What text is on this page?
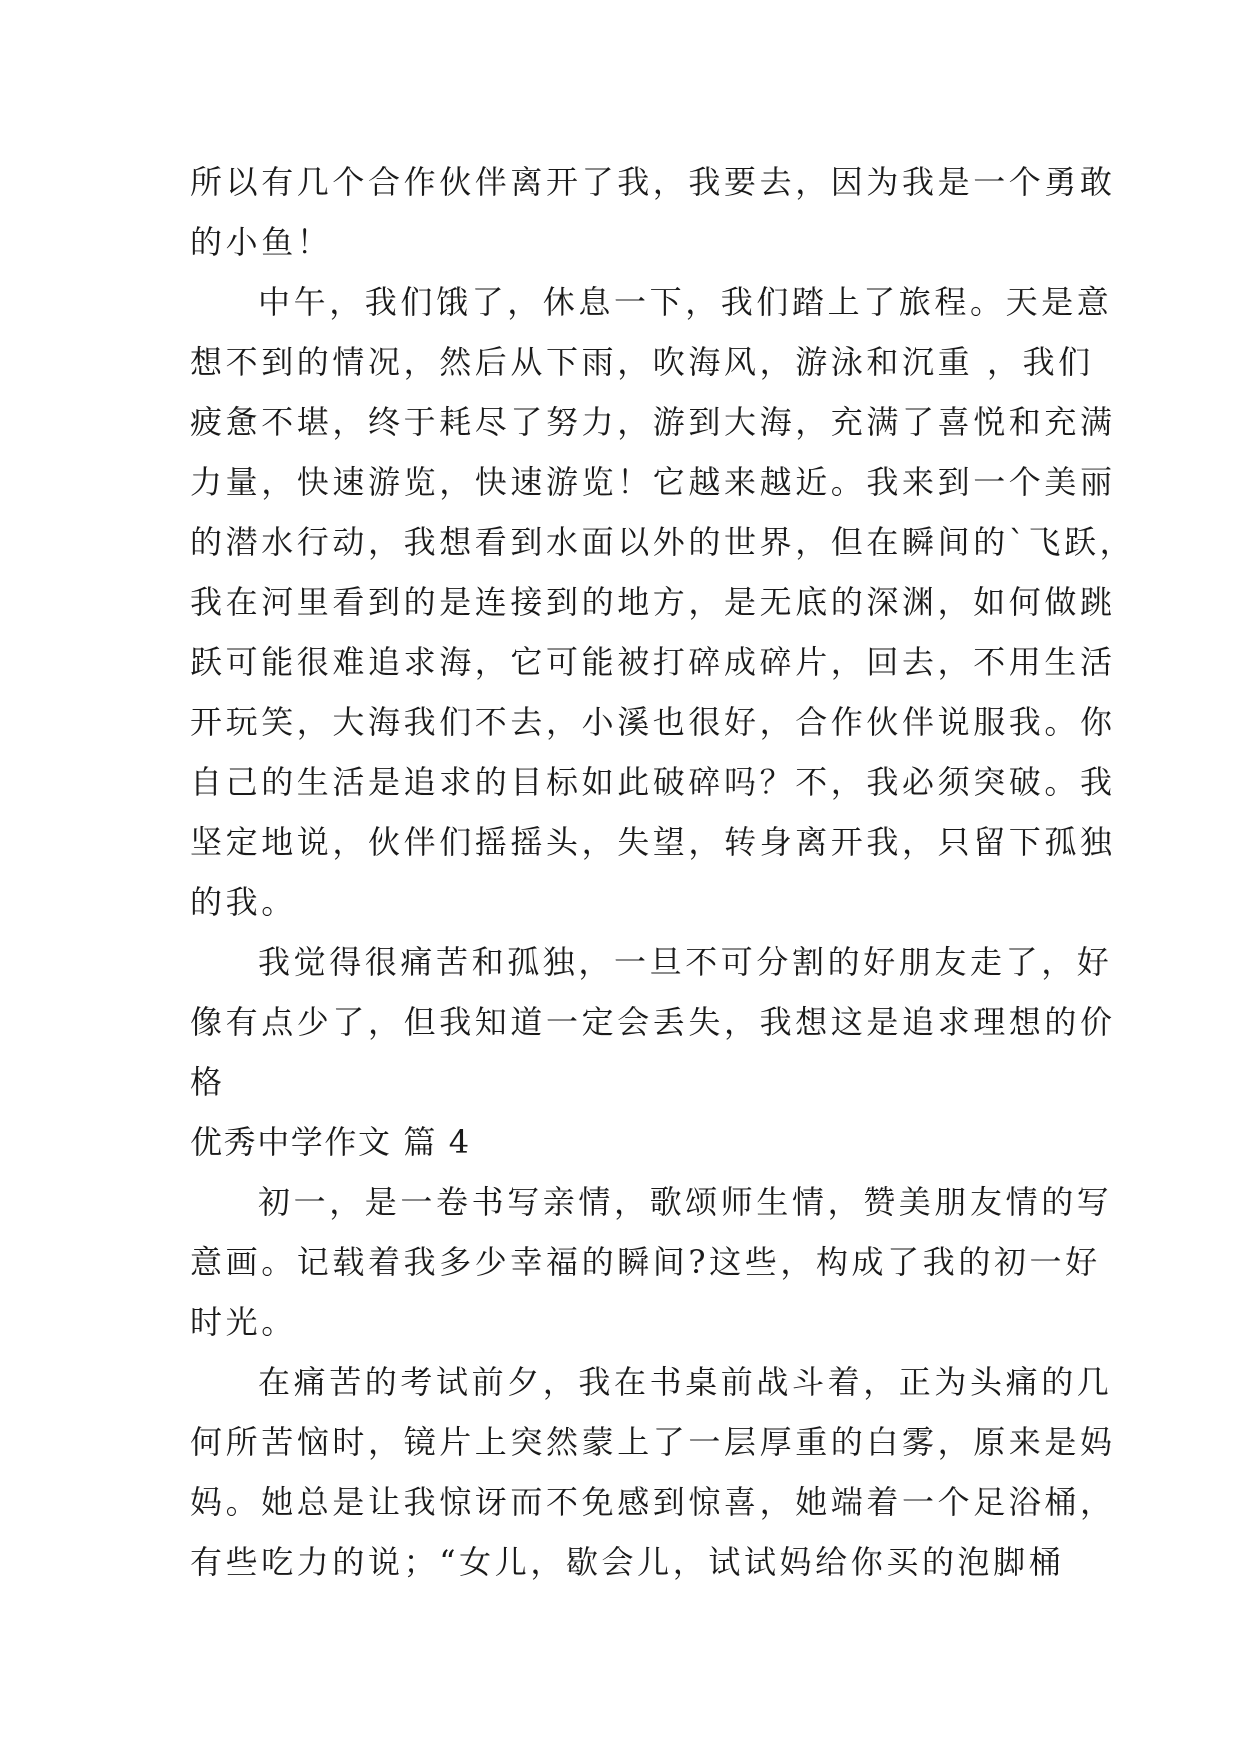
所以有几个合作伙伴离开了我，我要去，因为我是一个勇敢
的小鱼！
中午，我们饿了，休息一下，我们踏上了旅程。天是意
想不到的情况，然后从下雨，吹海风，游泳和沉重 ，我们
疲惫不堪，终于耗尽了努力，游到大海，充满了喜悦和充满
力量，快速游览，快速游览！它越来越近。我来到一个美丽
的潜水行动，我想看到水面以外的世界，但在瞬间的`飞跃，
我在河里看到的是连接到的地方，是无底的深渊，如何做跳
跃可能很难追求海，它可能被打碎成碎片，回去，不用生活
开玩笑，大海我们不去，小溪也很好，合作伙伴说服我。你
自己的生活是追求的目标如此破碎吗？不，我必须突破。我
坚定地说，伙伴们摇摇头，失望，转身离开我，只留下孤独
的我。
我觉得很痛苦和孤独，一旦不可分割的好朋友走了，好
像有点少了，但我知道一定会丢失，我想这是追求理想的价
格
优秀中学作文 篇 4
初一，是一卷书写亲情，歌颂师生情，赞美朋友情的写
意画。记载着我多少幸福的瞬间?这些，构成了我的初一好
时光。
在痛苦的考试前夕，我在书桌前战斗着，正为头痛的几
何所苦恼时，镜片上突然蒙上了一层厚重的白雾，原来是妈
妈。她总是让我惊讶而不免感到惊喜，她端着一个足浴桶，
有些吃力的说；“女儿，歇会儿，试试妈给你买的泡脚桶
